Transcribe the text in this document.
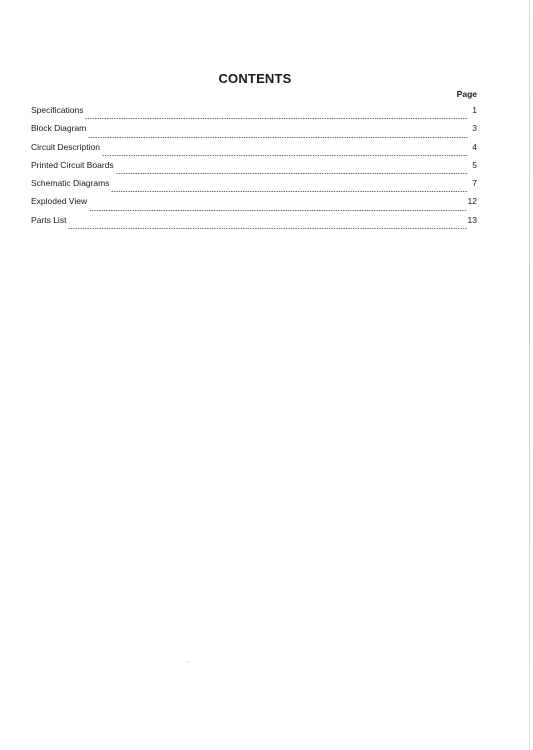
CONTENTS
Page
Specifications	1
Block Diagram	3
Circuit Description	4
Printed Circuit Boards	5
Schematic Diagrams	7
Exploded View	12
Parts List	13
